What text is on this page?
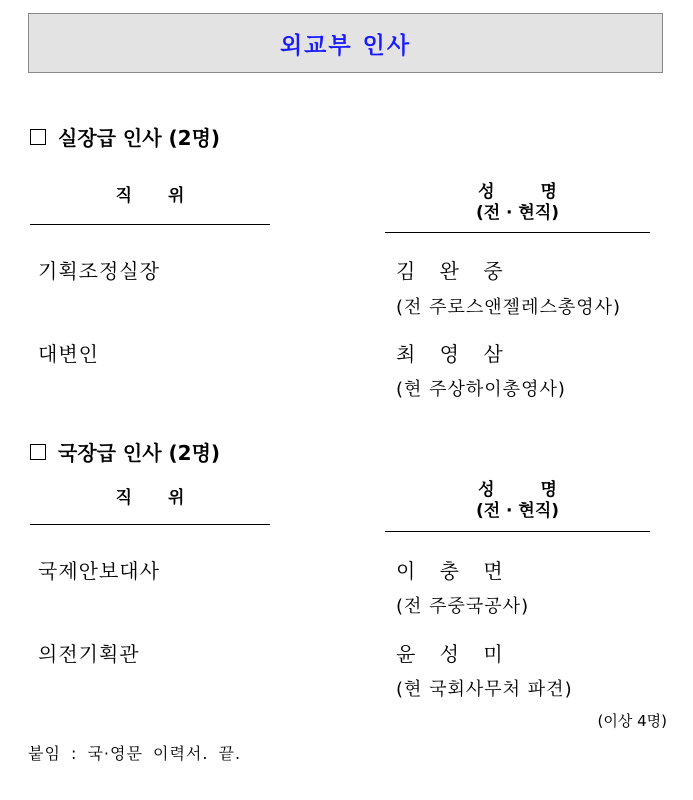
외교부 인사
실장급 인사 (2명)
직 위	성 명
(전 · 현직)
기획조정실장	김 완 중
(전 주로스앤젤레스총영사)
대변인	최 영 삼
(현 주상하이총영사)
국장급 인사 (2명)
직 위	성 명
(전 · 현직)
국제안보대사	이 충 면
(전 주중국공사)
의전기획관	윤 성 미
(현 국회사무처 파견)
(이상 4명)
붙임 : 국·영문 이력서. 끝.
